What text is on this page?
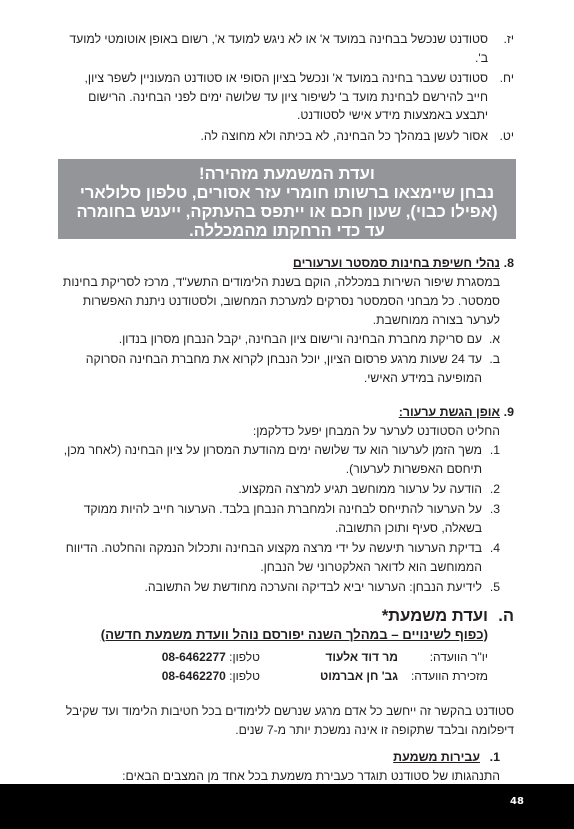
יז.
סטודנט שנכשל בבחינה במועד א' או לא ניגש למועד א', רשום באופן אוטומטי למועד ב'.
יח.
סטודנט שעבר בחינה במועד א' ונכשל בציון הסופי או סטודנט המעוניין לשפר ציון, חייב להירשם לבחינת מועד ב' לשיפור ציון עד שלושה ימים לפני הבחינה. הרישום יתבצע באמצעות מידע אישי לסטודנט.
יט.
אסור לעשן במהלך כל הבחינה, לא בכיתה ולא מחוצה לה.
ועדת המשמעת מזהירה!
נבחן שיימצאו ברשותו חומרי עזר אסורים, טלפון סלולארי (אפילו כבוי), שעון חכם או ייתפס בהעתקה, ייענש בחומרה עד כדי הרחקתו מהמכללה.
8.
נהלי חשיפת בחינות סמסטר וערעורים
במסגרת שיפור השירות במכללה, הוקם בשנת הלימודים התשע"ד, מרכז לסריקת בחינות סמסטר. כל מבחני הסמסטר נסרקים למערכת המחשוב, ולסטודנט ניתנת האפשרות לערער בצורה ממוחשבת.
א.
עם סריקת מחברת הבחינה ורישום ציון הבחינה, יקבל הנבחן מסרון בנדון.
ב.
עד 24 שעות מרגע פרסום הציון, יוכל הנבחן לקרוא את מחברת הבחינה הסרוקה המופיעה במידע האישי.
9.
אופן הגשת ערעור:
החליט הסטודנט לערער על המבחן יפעל כדלקמן:
1.
משך הזמן לערעור הוא עד שלושה ימים מהודעת המסרון על ציון הבחינה (לאחר מכן, תיחסם האפשרות לערעור).
2.
הודעה על ערעור ממוחשב תגיע למרצה המקצוע.
3.
על הערעור להתייחס לבחינה ולמחברת הנבחן בלבד. הערעור חייב להיות ממוקד בשאלה, סעיף ותוכן התשובה.
4.
בדיקת הערעור תיעשה על ידי מרצה מקצוע הבחינה ותכלול הנמקה והחלטה. הדיווח הממוחשב הוא לדואר האלקטרוני של הנבחן.
5.
לידיעת הנבחן: הערעור יביא לבדיקה והערכה מחודשת של התשובה.
ה.
ועדת משמעת*
(כפוף לשינויים – במהלך השנה יפורסם נוהל וועדת משמעת חדשה)
יו"ר הוועדה:	מר דוד אלעוד	טלפון: 08-6462277
מזכירת הוועדה:	גב' חן אברמוט	טלפון: 08-6462270
סטודנט בהקשר זה ייחשב כל אדם מרגע שנרשם ללימודים בכל חטיבות הלימוד ועד שקיבל דיפלומה ובלבד שתקופה זו אינה נמשכת יותר מ-7 שנים.
1.
עבירות משמעת
התנהגותו של סטודנט תוגדר כעבירת משמעת בכל אחד מן המצבים הבאים:
48
